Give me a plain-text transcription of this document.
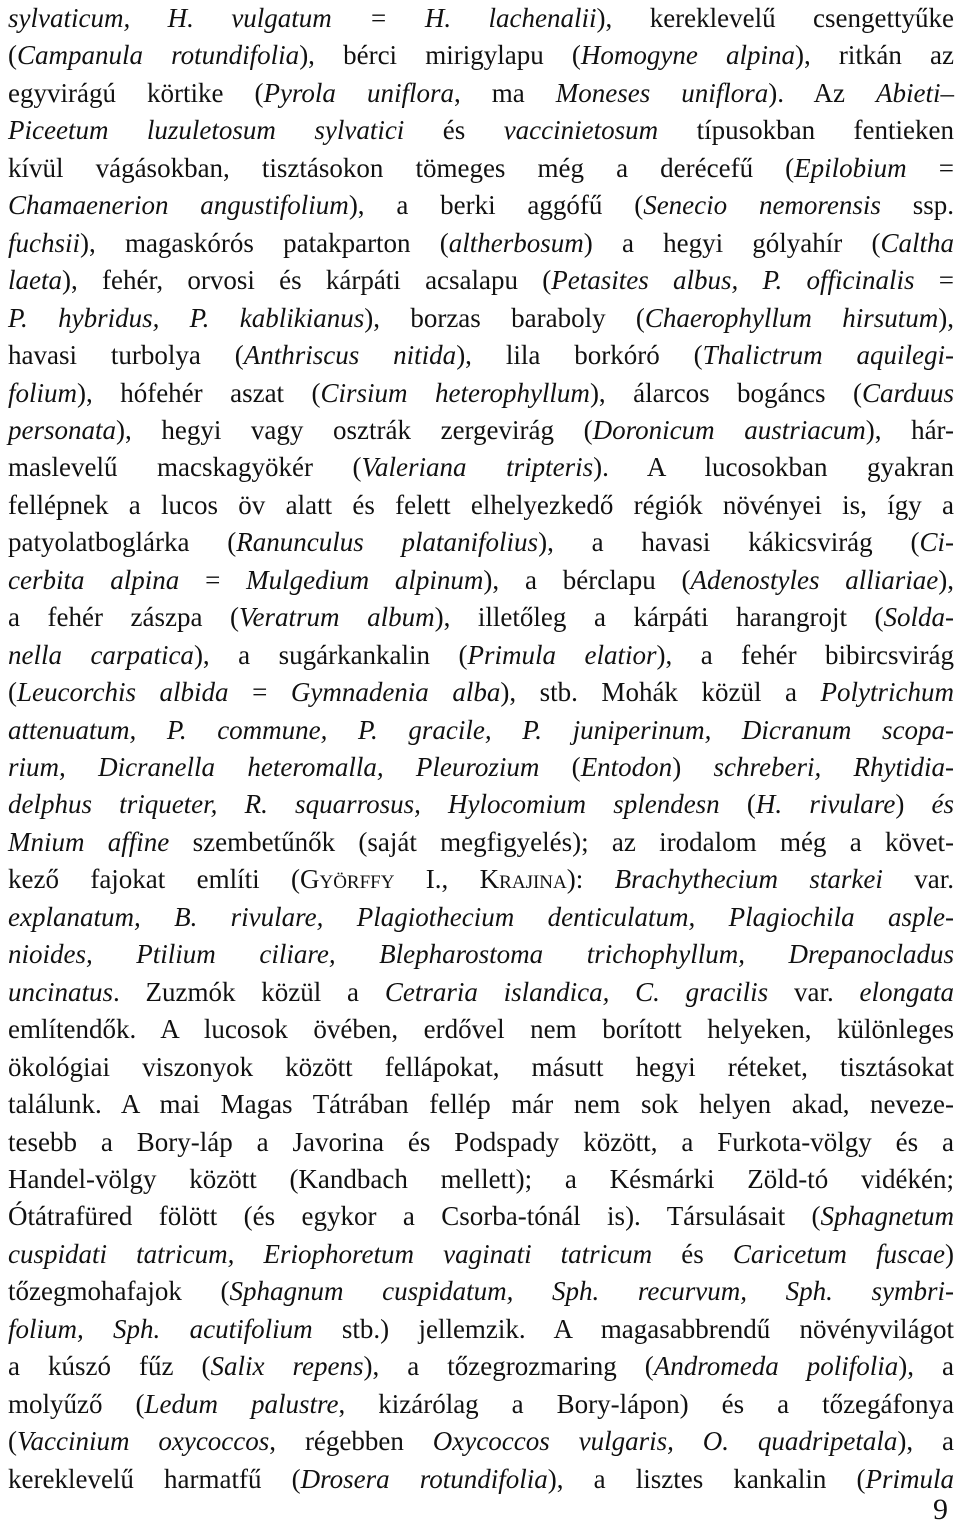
sylvaticum, H. vulgatum = H. lachenalii), kereklevelű csengettyűke
(Campanula rotundifolia), bérci mirigylapu (Homogyne alpina), ritkán az
egyvirágú körtike (Pyrola uniflora, ma Moneses uniflora). Az Abieti–
Piceetum luzuletosum sylvatici és vaccinietosum típusokban fentieken
kívül vágásokban, tisztásokon tömeges még a derécefű (Epilobium =
Chamaenerion angustifolium), a berki aggófű (Senecio nemorensis ssp.
fuchsii), magaskórós patakparton (altherbosum) a hegyi gólyahír (Caltha
laeta), fehér, orvosi és kárpáti acsalapu (Petasites albus, P. officinalis =
P. hybridus, P. kablikianus), borzas baraboly (Chaerophyllum hirsutum),
havasi turbolya (Anthriscus nitida), lila borkóró (Thalictrum aquilegi-
folium), hófehér aszat (Cirsium heterophyllum), álarcos bogáncs (Carduus
personata), hegyi vagy osztrák zergevirág (Doronicum austriacum), hár-
maslevelű macskagyökér (Valeriana tripteris). A lucosokban gyakran
fellépnek a lucos öv alatt és felett elhelyezkedő régiók növényei is, így a
patyolatboglárka (Ranunculus platanifolius), a havasi kákicsvirág (Ci-
cerbita alpina = Mulgedium alpinum), a bérclapu (Adenostyles alliariae),
a fehér zászpa (Veratrum album), illetőleg a kárpáti harangrojt (Solda-
nella carpatica), a sugárkankalin (Primula elatior), a fehér bibircsvirág
(Leucorchis albida = Gymnadenia alba), stb. Mohák közül a Polytrichum
attenuatum, P. commune, P. gracile, P. juniperinum, Dicranum scopa-
rium, Dicranella heteromalla, Pleurozium (Entodon) schreberi, Rhytidia-
delphus triqueter, R. squarrosus, Hylocomium splendesn (H. rivulare) és
Mnium affine szembetűnők (saját megfigyelés); az irodalom még a követ-
kező fajokat említi (Györffy I., Krajina): Brachythecium starkei var.
explanatum, B. rivulare, Plagiothecium denticulatum, Plagiochila asple-
nioides, Ptilium ciliare, Blepharostoma trichophyllum, Drepanocladus
uncinatus. Zuzmók közül a Cetraria islandica, C. gracilis var. elongata
említendők. A lucosok övében, erdővel nem borított helyeken, különleges
ökológiai viszonyok között fellápokat, másutt hegyi réteket, tisztásokat
találunk. A mai Magas Tátrában fellép már nem sok helyen akad, neveze-
tesebb a Bory-láp a Javorina és Podspady között, a Furkota-völgy és a
Handel-völgy között (Kandbach mellett); a Késmárki Zöld-tó vidékén;
Ótátrafüred fölött (és egykor a Csorba-tónál is). Társulásait (Sphagnetum
cuspidati tatricum, Eriophoretum vaginati tatricum és Caricetum fuscae)
tőzegmohafajok (Sphagnum cuspidatum, Sph. recurvum, Sph. symbri-
folium, Sph. acutifolium stb.) jellemzik. A magasabbrendű növényvilágot
a kúszó fűz (Salix repens), a tőzegrozmaring (Andromeda polifolia), a
molyűző (Ledum palustre, kizárólag a Bory-lápon) és a tőzegáfonya
(Vaccinium oxycoccos, régebben Oxycoccos vulgaris, O. quadripetala), a
kereklevelű harmatfű (Drosera rotundifolia), a lisztes kankalin (Primula
9
